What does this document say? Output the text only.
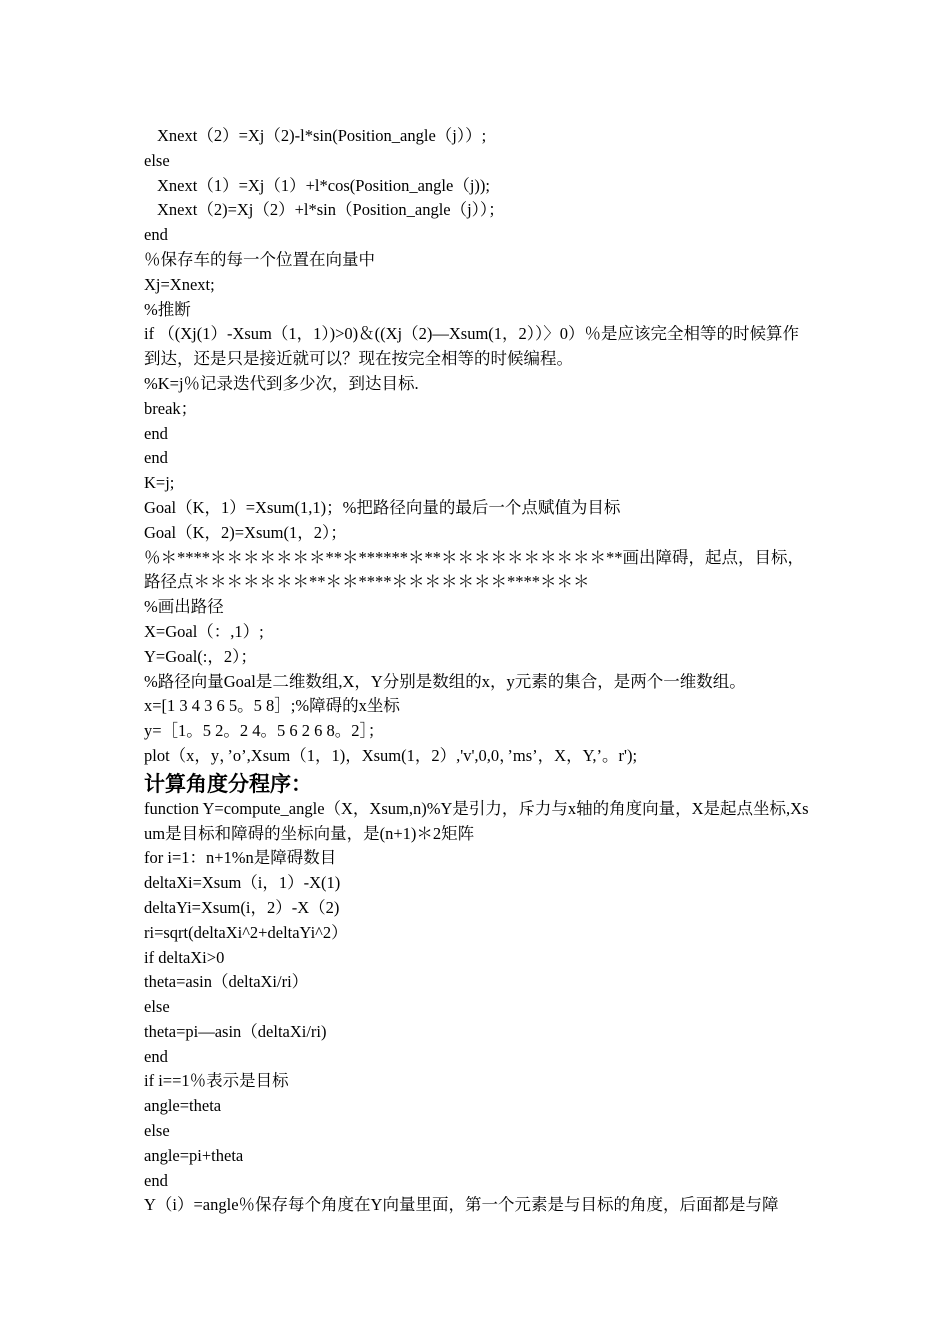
Xnext（2）=Xj（2)-l*sin(Position_angle（j））;

else

Xnext（1）=Xj（1）+l*cos(Position_angle（j));

Xnext（2)=Xj（2）+l*sin（Position_angle（j））；

end

％保存车的每一个位置在向量中

Xj=Xnext;

%推断

if （(Xj(1）-Xsum（1，1）)>0)＆((Xj（2)—Xsum(1，2））〉0）％是应该完全相等的时候算作到达，还是只是接近就可以？现在按完全相等的时候编程。

%K=j％记录迭代到多少次，到达目标.

break；

end

end

K=j;

Goal（K，1）=Xsum(1,1)；%把路径向量的最后一个点赋值为目标

Goal（K，2)=Xsum(1，2）；

％＊****＊＊＊＊＊＊＊**＊******＊**＊＊＊＊＊＊＊＊＊＊**画出障碍，起点，目标，路径点＊＊＊＊＊＊＊**＊＊****＊＊＊＊＊＊＊****＊＊＊

%画出路径

X=Goal（：,1）;

Y=Goal(:，2）；

%路径向量Goal是二维数组,X，Y分别是数组的x，y元素的集合，是两个一维数组。

x=[1 3 4 3 6 5。5 8］;%障碍的x坐标

y=［1。5 2。2 4。5 6 2 6 8。2］；

plot（x，y，’o’,Xsum（1，1)，Xsum(1，2）,'v',0,0，’ms’，X，Y,’。r');

计算角度分程序：

function Y=compute_angle（X，Xsum,n)%Y是引力，斥力与x轴的角度向量，X是起点坐标,Xsum是目标和障碍的坐标向量，是(n+1)＊2矩阵

for i=1：n+1%n是障碍数目

deltaXi=Xsum（i，1）-X(1)

deltaYi=Xsum(i，2）-X（2)

ri=sqrt(deltaXi^2+deltaYi^2）

if deltaXi>0

theta=asin（deltaXi/ri）

else

theta=pi—asin（deltaXi/ri)

end

if i==1％表示是目标

angle=theta

else

angle=pi+theta

end

Y（i）=angle％保存每个角度在Y向量里面，第一个元素是与目标的角度，后面都是与障
